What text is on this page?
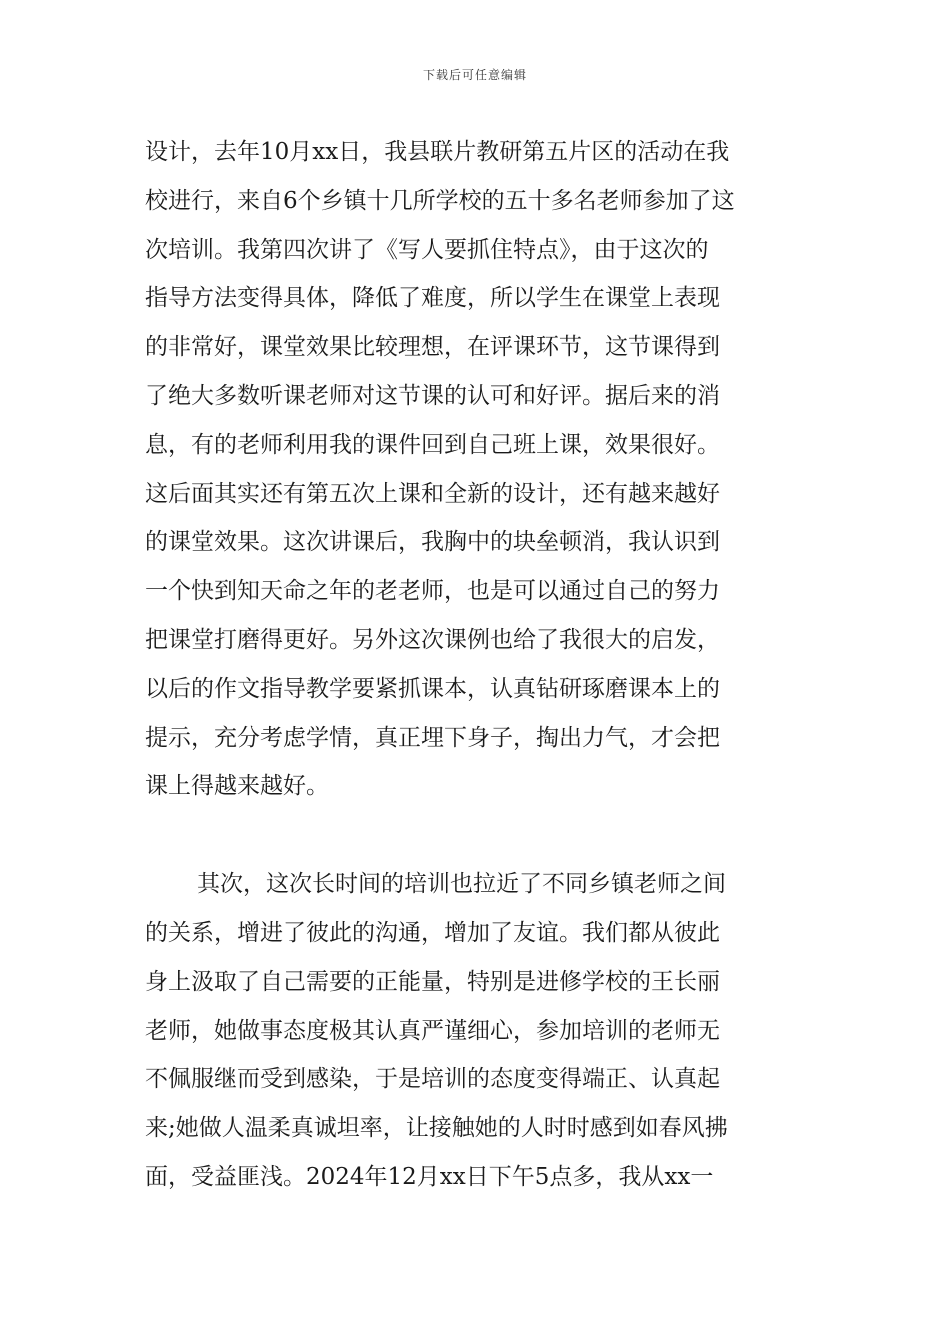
下载后可任意编辑

设计，去年10月xx日，我县联片教研第五片区的活动在我
校进行，来自6个乡镇十几所学校的五十多名老师参加了这
次培训。我第四次讲了《写人要抓住特点》，由于这次的
指导方法变得具体，降低了难度，所以学生在课堂上表现
的非常好，课堂效果比较理想，在评课环节，这节课得到
了绝大多数听课老师对这节课的认可和好评。据后来的消
息，有的老师利用我的课件回到自己班上课，效果很好。
这后面其实还有第五次上课和全新的设计，还有越来越好
的课堂效果。这次讲课后，我胸中的块垒顿消，我认识到
一个快到知天命之年的老老师，也是可以通过自己的努力
把课堂打磨得更好。另外这次课例也给了我很大的启发，
以后的作文指导教学要紧抓课本，认真钻研琢磨课本上的
提示，充分考虑学情，真正埋下身子，掏出力气，才会把
课上得越来越好。

其次，这次长时间的培训也拉近了不同乡镇老师之间
的关系，增进了彼此的沟通，增加了友谊。我们都从彼此
身上汲取了自己需要的正能量，特别是进修学校的王长丽
老师，她做事态度极其认真严谨细心，参加培训的老师无
不佩服继而受到感染，于是培训的态度变得端正、认真起
来;她做人温柔真诚坦率，让接触她的人时时感到如春风拂
面，受益匪浅。2024年12月xx日下午5点多，我从xx一
